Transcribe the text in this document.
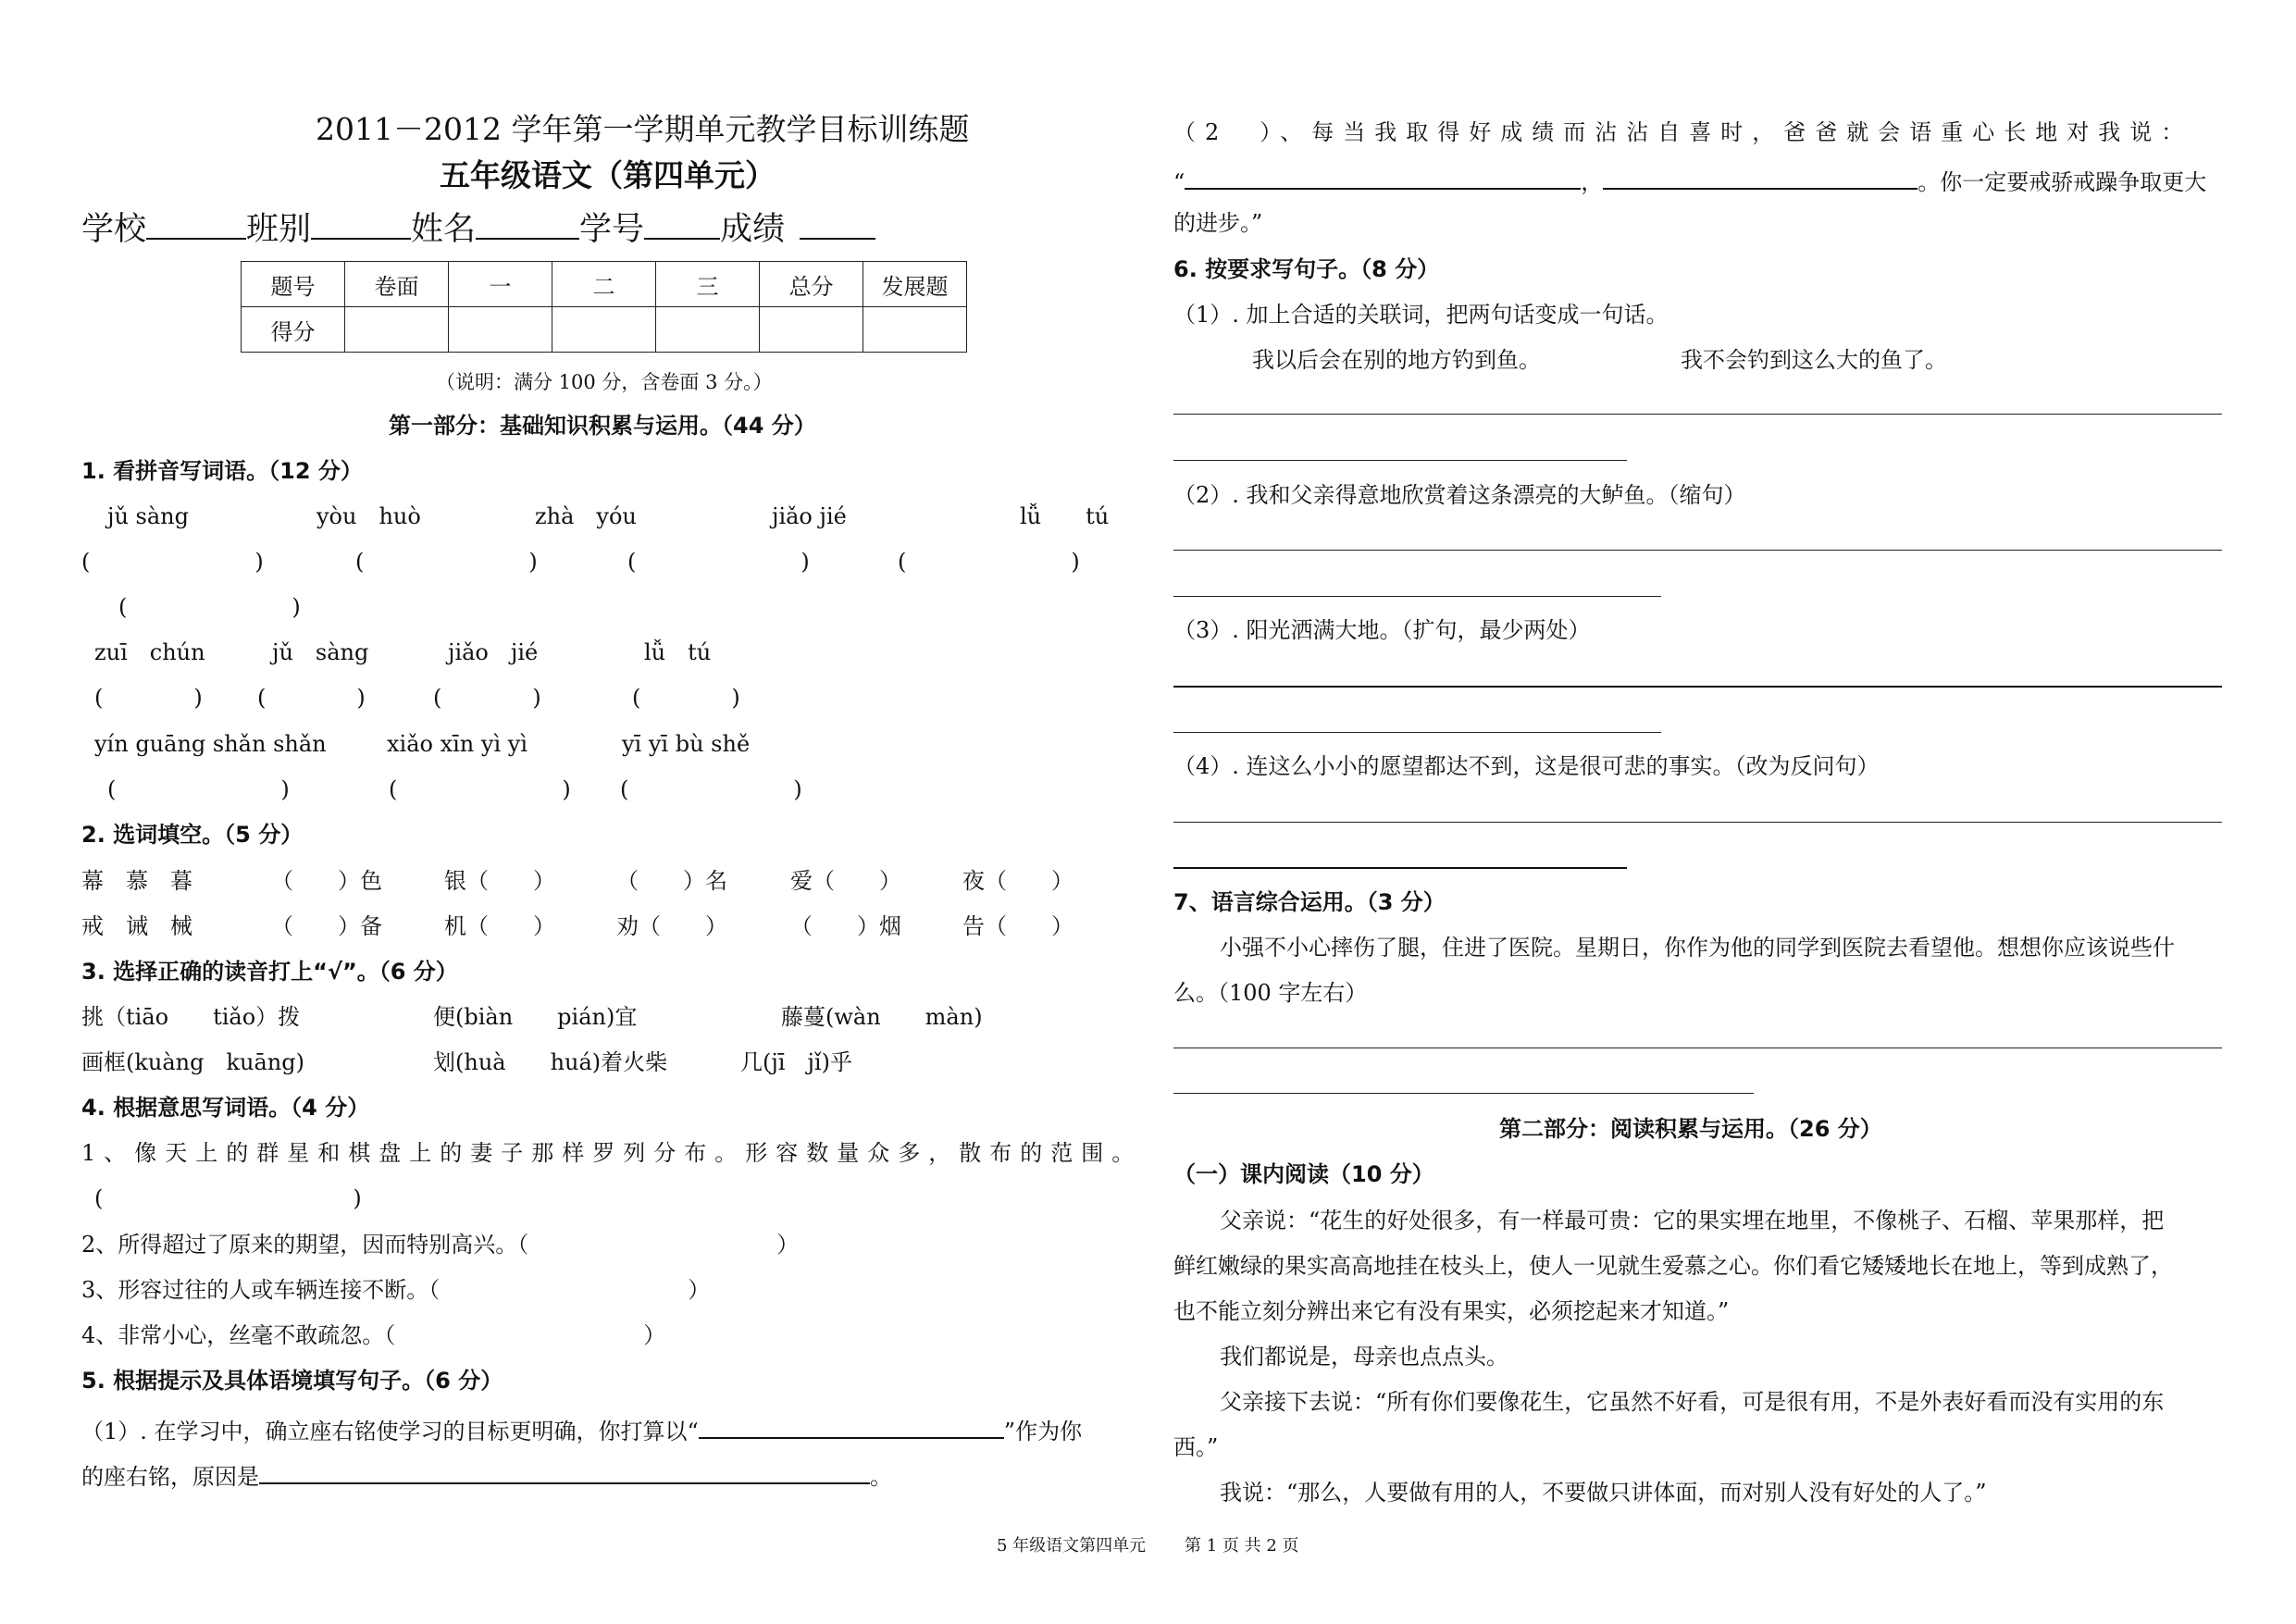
2011－2012 学年第一学期单元教学目标训练题
五年级语文（第四单元）
学校	班别	姓名	学号 成绩
题号	卷面	一	二	三	总分	发展题
得分						
（说明：满分 100 分，含卷面 3 分。）
第一部分：基础知识积累与运用。（44 分）
1. 看拼音写词语。（12 分）
jǔ sàng	yòu　huò	zhà　yóu	jiǎo jié	lǚ　　tú
(	)	(	)	(	)	(	)
(	)
zuī　chún	jǔ　sàng	jiǎo　jié	lǚ　tú
(	) (	)	(	)	(	)
yín guāng shǎn shǎn	xiǎo xīn yì yì	yī yī bù shě
(	)	(	) (	)
2. 选词填空。（5 分）
幕　慕　暮	（　　）色	银（　　）	（　　）名	爱（　　）	夜（　　）
戒　诫　械	（　　）备	机（　　）	劝（　　）	（　　）烟	告（　　）
3. 选择正确的读音打上“√”。（6 分）
挑（tiāo　　tiǎo）拨	便(biàn　　pián)宜	藤蔓(wàn　　màn)
画框(kuàng　kuāng)	划(huà　　huá)着火柴	几(jī　jǐ)乎
4. 根据意思写词语。（4 分）
1、像天上的群星和棋盘上的妻子那样罗列分布。形容数量众多，散布的范围。
(	)
2、所得超过了原来的期望，因而特别高兴。（	）
3、形容过往的人或车辆连接不断。（	）
4、非常小心，丝毫不敢疏忽。（	）
5. 根据提示及具体语境填写句子。（6 分）
（1）. 在学习中，确立座右铭使学习的目标更明确，你打算以“	”作为你
的座右铭，原因是	。
（2　）、每当我取得好成绩而沾沾自喜时，爸爸就会语重心长地对我说：
“	，	。你一定要戒骄戒躁争取更大
的进步。”
6. 按要求写句子。（8 分）
（1）. 加上合适的关联词，把两句话变成一句话。
我以后会在别的地方钓到鱼。	我不会钓到这么大的鱼了。
（2）. 我和父亲得意地欣赏着这条漂亮的大鲈鱼。（缩句）
（3）. 阳光洒满大地。（扩句，最少两处）
（4）. 连这么小小的愿望都达不到，这是很可悲的事实。（改为反问句）
7、语言综合运用。（3 分）
小强不小心摔伤了腿，住进了医院。星期日，你作为他的同学到医院去看望他。想想你应该说些什
么。（100 字左右）
第二部分：阅读积累与运用。（26 分）
（一）课内阅读（10 分）
父亲说：“花生的好处很多，有一样最可贵：它的果实埋在地里，不像桃子、石榴、苹果那样，把
鲜红嫩绿的果实高高地挂在枝头上，使人一见就生爱慕之心。你们看它矮矮地长在地上，等到成熟了，
也不能立刻分辨出来它有没有果实，必须挖起来才知道。”
我们都说是，母亲也点点头。
父亲接下去说：“所有你们要像花生，它虽然不好看，可是很有用，不是外表好看而没有实用的东
西。”
我说：“那么，人要做有用的人，不要做只讲体面，而对别人没有好处的人了。”
5 年级语文第四单元 第 1 页 共 2 页
